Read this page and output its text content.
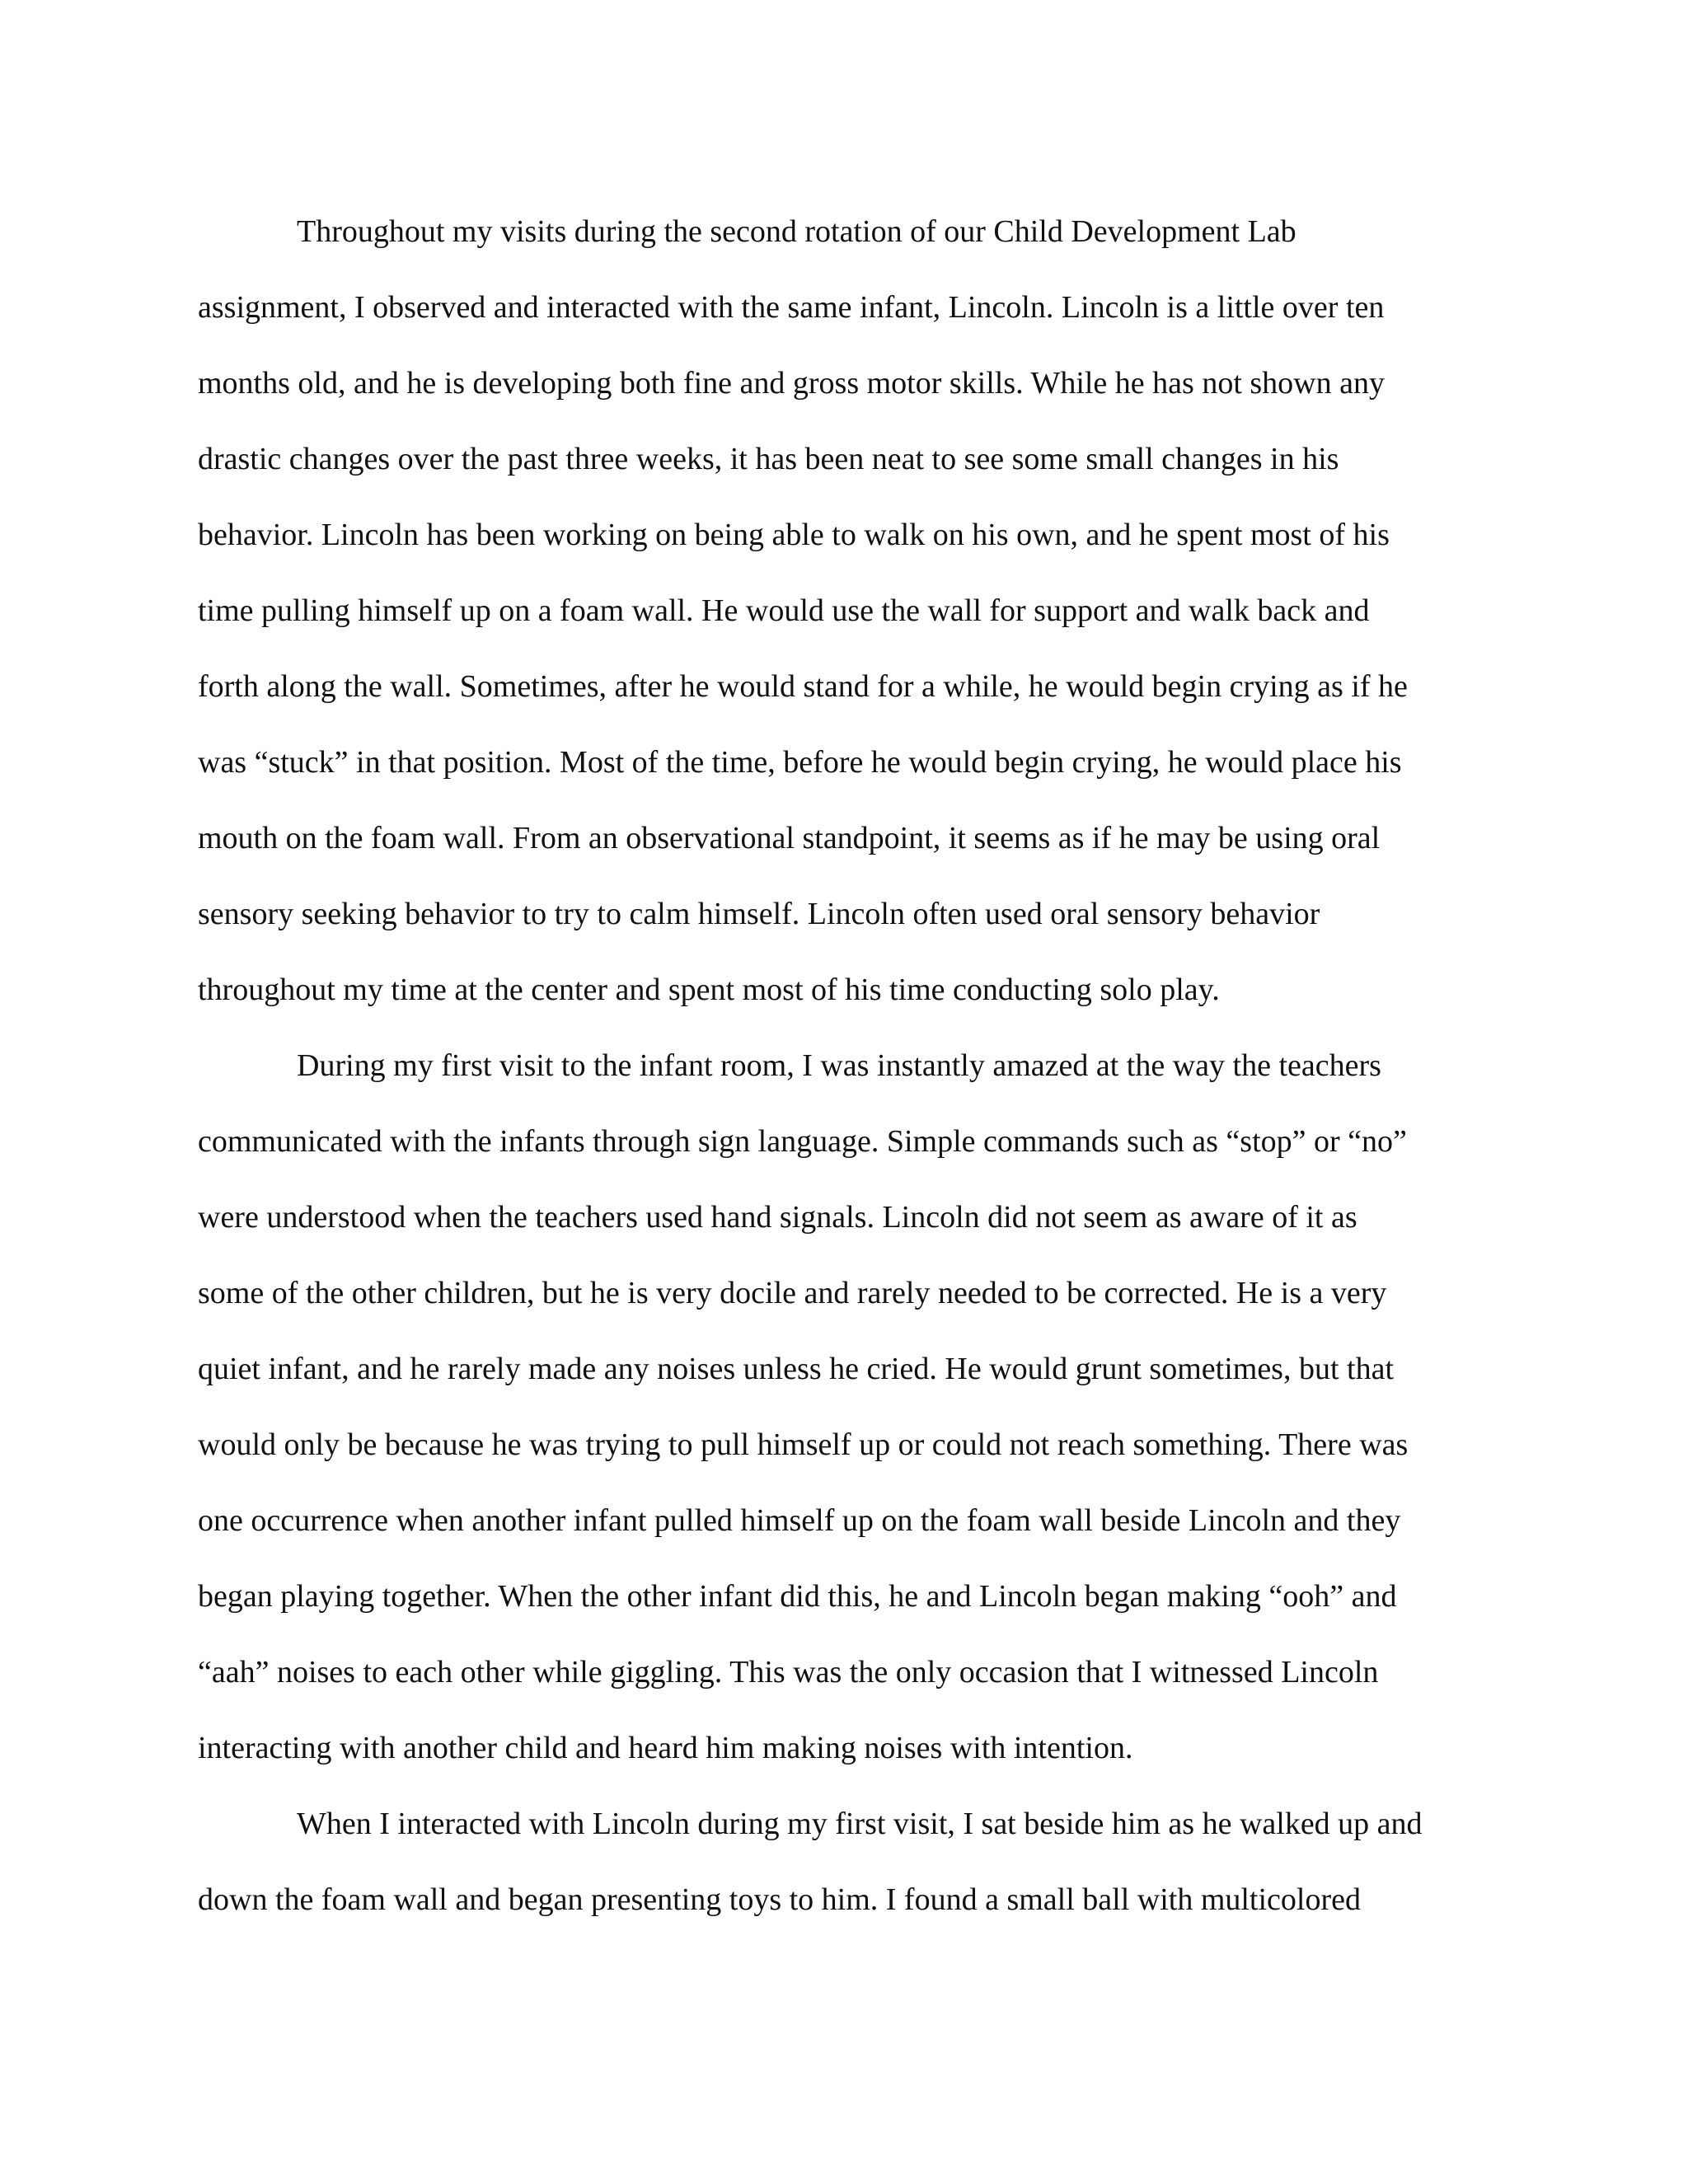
Throughout my visits during the second rotation of our Child Development Lab
assignment, I observed and interacted with the same infant, Lincoln. Lincoln is a little over ten
months old, and he is developing both fine and gross motor skills. While he has not shown any
drastic changes over the past three weeks, it has been neat to see some small changes in his
behavior. Lincoln has been working on being able to walk on his own, and he spent most of his
time pulling himself up on a foam wall. He would use the wall for support and walk back and
forth along the wall. Sometimes, after he would stand for a while, he would begin crying as if he
was “stuck” in that position. Most of the time, before he would begin crying, he would place his
mouth on the foam wall. From an observational standpoint, it seems as if he may be using oral
sensory seeking behavior to try to calm himself. Lincoln often used oral sensory behavior
throughout my time at the center and spent most of his time conducting solo play.
During my first visit to the infant room, I was instantly amazed at the way the teachers
communicated with the infants through sign language. Simple commands such as “stop” or “no”
were understood when the teachers used hand signals. Lincoln did not seem as aware of it as
some of the other children, but he is very docile and rarely needed to be corrected. He is a very
quiet infant, and he rarely made any noises unless he cried. He would grunt sometimes, but that
would only be because he was trying to pull himself up or could not reach something. There was
one occurrence when another infant pulled himself up on the foam wall beside Lincoln and they
began playing together. When the other infant did this, he and Lincoln began making “ooh” and
“aah” noises to each other while giggling. This was the only occasion that I witnessed Lincoln
interacting with another child and heard him making noises with intention.
When I interacted with Lincoln during my first visit, I sat beside him as he walked up and
down the foam wall and began presenting toys to him. I found a small ball with multicolored
